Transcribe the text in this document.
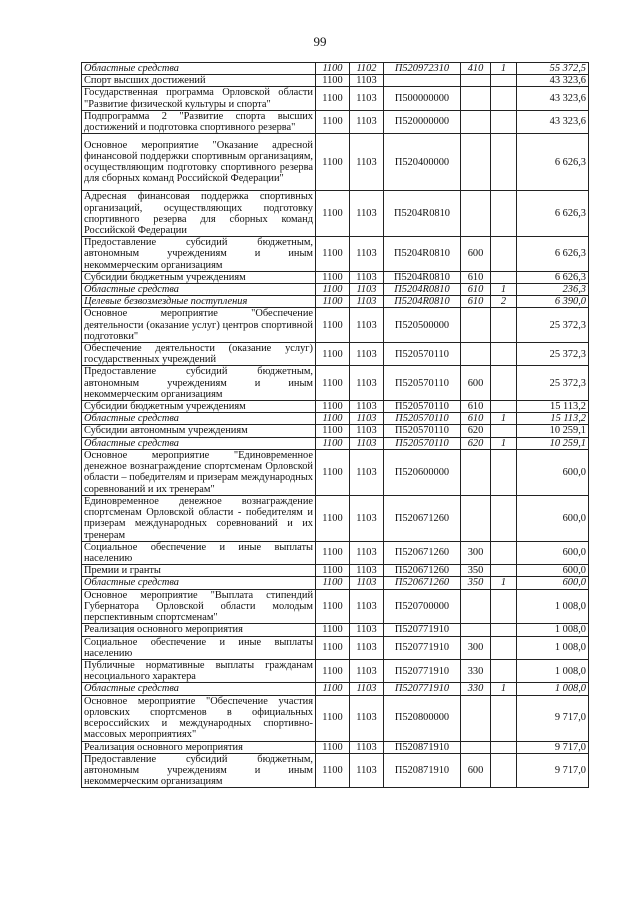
99
Областные средства	1100	1102	П520972310	410	1	55 372,5
Спорт высших достижений	1100	1103				43 323,6
Государственная программа Орловской области "Развитие физической культуры и спорта"	1100	1103	П500000000			43 323,6
Подпрограмма 2 "Развитие спорта высших достижений и подготовка спортивного резерва"	1100	1103	П520000000			43 323,6
Основное мероприятие "Оказание адресной финансовой поддержки спортивным организациям, осуществляющим подготовку спортивного резерва для сборных команд Российской Федерации"	1100	1103	П520400000			6 626,3
Адресная финансовая поддержка спортивных организаций, осуществляющих подготовку спортивного резерва для сборных команд Российской Федерации	1100	1103	П5204R0810			6 626,3
Предоставление субсидий бюджетным, автономным учреждениям и иным некоммерческим организациям	1100	1103	П5204R0810	600		6 626,3
Субсидии бюджетным учреждениям	1100	1103	П5204R0810	610		6 626,3
Областные средства	1100	1103	П5204R0810	610	1	236,3
Целевые безвозмездные поступления	1100	1103	П5204R0810	610	2	6 390,0
Основное мероприятие "Обеспечение деятельности (оказание услуг) центров спортивной подготовки"	1100	1103	П520500000			25 372,3
Обеспечение деятельности (оказание услуг) государственных учреждений	1100	1103	П520570110			25 372,3
Предоставление субсидий бюджетным, автономным учреждениям и иным некоммерческим организациям	1100	1103	П520570110	600		25 372,3
Субсидии бюджетным учреждениям	1100	1103	П520570110	610		15 113,2
Областные средства	1100	1103	П520570110	610	1	15 113,2
Субсидии автономным учреждениям	1100	1103	П520570110	620		10 259,1
Областные средства	1100	1103	П520570110	620	1	10 259,1
Основное мероприятие "Единовременное денежное вознаграждение спортсменам Орловской области – победителям и призерам международных соревнований и их тренерам"	1100	1103	П520600000			600,0
Единовременное денежное вознаграждение спортсменам Орловской области - победителям и призерам международных соревнований и их тренерам	1100	1103	П520671260			600,0
Социальное обеспечение и иные выплаты населению	1100	1103	П520671260	300		600,0
Премии и гранты	1100	1103	П520671260	350		600,0
Областные средства	1100	1103	П520671260	350	1	600,0
Основное мероприятие "Выплата стипендий Губернатора Орловской области молодым перспективным спортсменам"	1100	1103	П520700000			1 008,0
Реализация основного мероприятия	1100	1103	П520771910			1 008,0
Социальное обеспечение и иные выплаты населению	1100	1103	П520771910	300		1 008,0
Публичные нормативные выплаты гражданам несоциального характера	1100	1103	П520771910	330		1 008,0
Областные средства	1100	1103	П520771910	330	1	1 008,0
Основное мероприятие "Обеспечение участия орловских спортсменов в официальных всероссийских и международных спортивно-массовых мероприятиях"	1100	1103	П520800000			9 717,0
Реализация основного мероприятия	1100	1103	П520871910			9 717,0
Предоставление субсидий бюджетным, автономным учреждениям и иным некоммерческим организациям	1100	1103	П520871910	600		9 717,0
